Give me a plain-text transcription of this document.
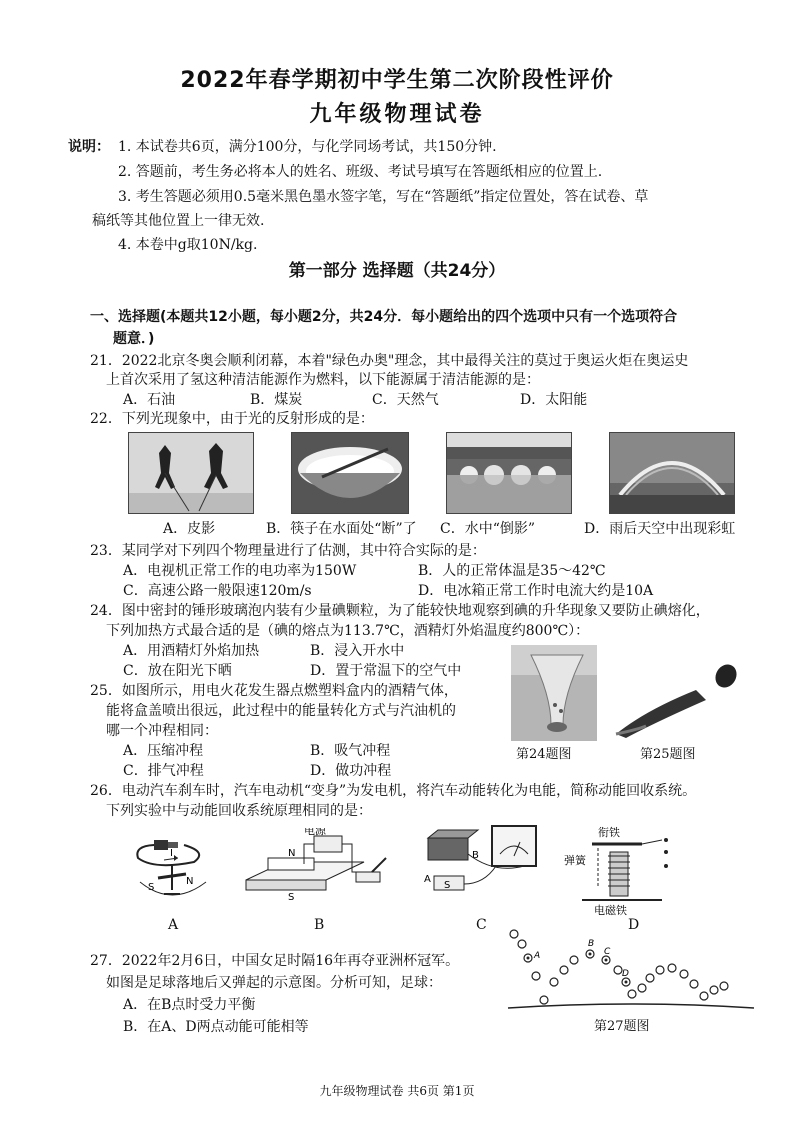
2022年春学期初中学生第二次阶段性评价
九年级物理试卷
说明： 1. 本试卷共6页，满分100分，与化学同场考试，共150分钟.
2. 答题前，考生务必将本人的姓名、班级、考试号填写在答题纸相应的位置上.
3. 考生答题必须用0.5毫米黑色墨水签字笔，写在“答题纸”指定位置处，答在试卷、草
稿纸等其他位置上一律无效.
4. 本卷中g取10N/kg.
第一部分 选择题（共24分）
一、选择题(本题共12小题，每小题2分，共24分．每小题给出的四个选项中只有一个选项符合
题意．)
21．2022北京冬奥会顺利闭幕，本着"绿色办奥"理念，其中最得关注的莫过于奥运火炬在奥运史
上首次采用了氢这种清洁能源作为燃料，以下能源属于清洁能源的是：
A．石油	B．煤炭	C．天然气	D．太阳能
22．下列光现象中，由于光的反射形成的是：
A．皮影	B．筷子在水面处“断”了 C．水中“倒影”	D．雨后天空中出现彩虹
23．某同学对下列四个物理量进行了估测，其中符合实际的是：
A．电视机正常工作的电功率为150W	B．人的正常体温是35～42℃
C．高速公路一般限速120m/s	D．电冰箱正常工作时电流大约是10A
24．图中密封的锤形玻璃泡内装有少量碘颗粒，为了能较快地观察到碘的升华现象又要防止碘熔化，
下列加热方式最合适的是（碘的熔点为113.7℃，酒精灯外焰温度约800℃）：
A．用酒精灯外焰加热	B．浸入开水中
C．放在阳光下晒	D．置于常温下的空气中
25．如图所示，用电火花发生器点燃塑料盒内的酒精气体，
能将盒盖喷出很远，此过程中的能量转化方式与汽油机的
哪一个冲程相同：
A．压缩冲程	B．吸气冲程
C．排气冲程	D．做功冲程
第24题图	第25题图
26．电动汽车刹车时，汽车电动机“变身”为发电机，将汽车动能转化为电能，简称动能回收系统。
下列实验中与动能回收系统原理相同的是：
I
S
N
电源
N
S
B
A
S
衔铁
弹簧
电磁铁
A	B	C	D
27．2022年2月6日，中国女足时隔16年再夺亚洲杯冠军。
如图是足球落地后又弹起的示意图。分析可知，足球：
A．在B点时受力平衡
B．在A、D两点动能可能相等
A
B
C
D
第27题图
九年级物理试卷 共6页 第1页
